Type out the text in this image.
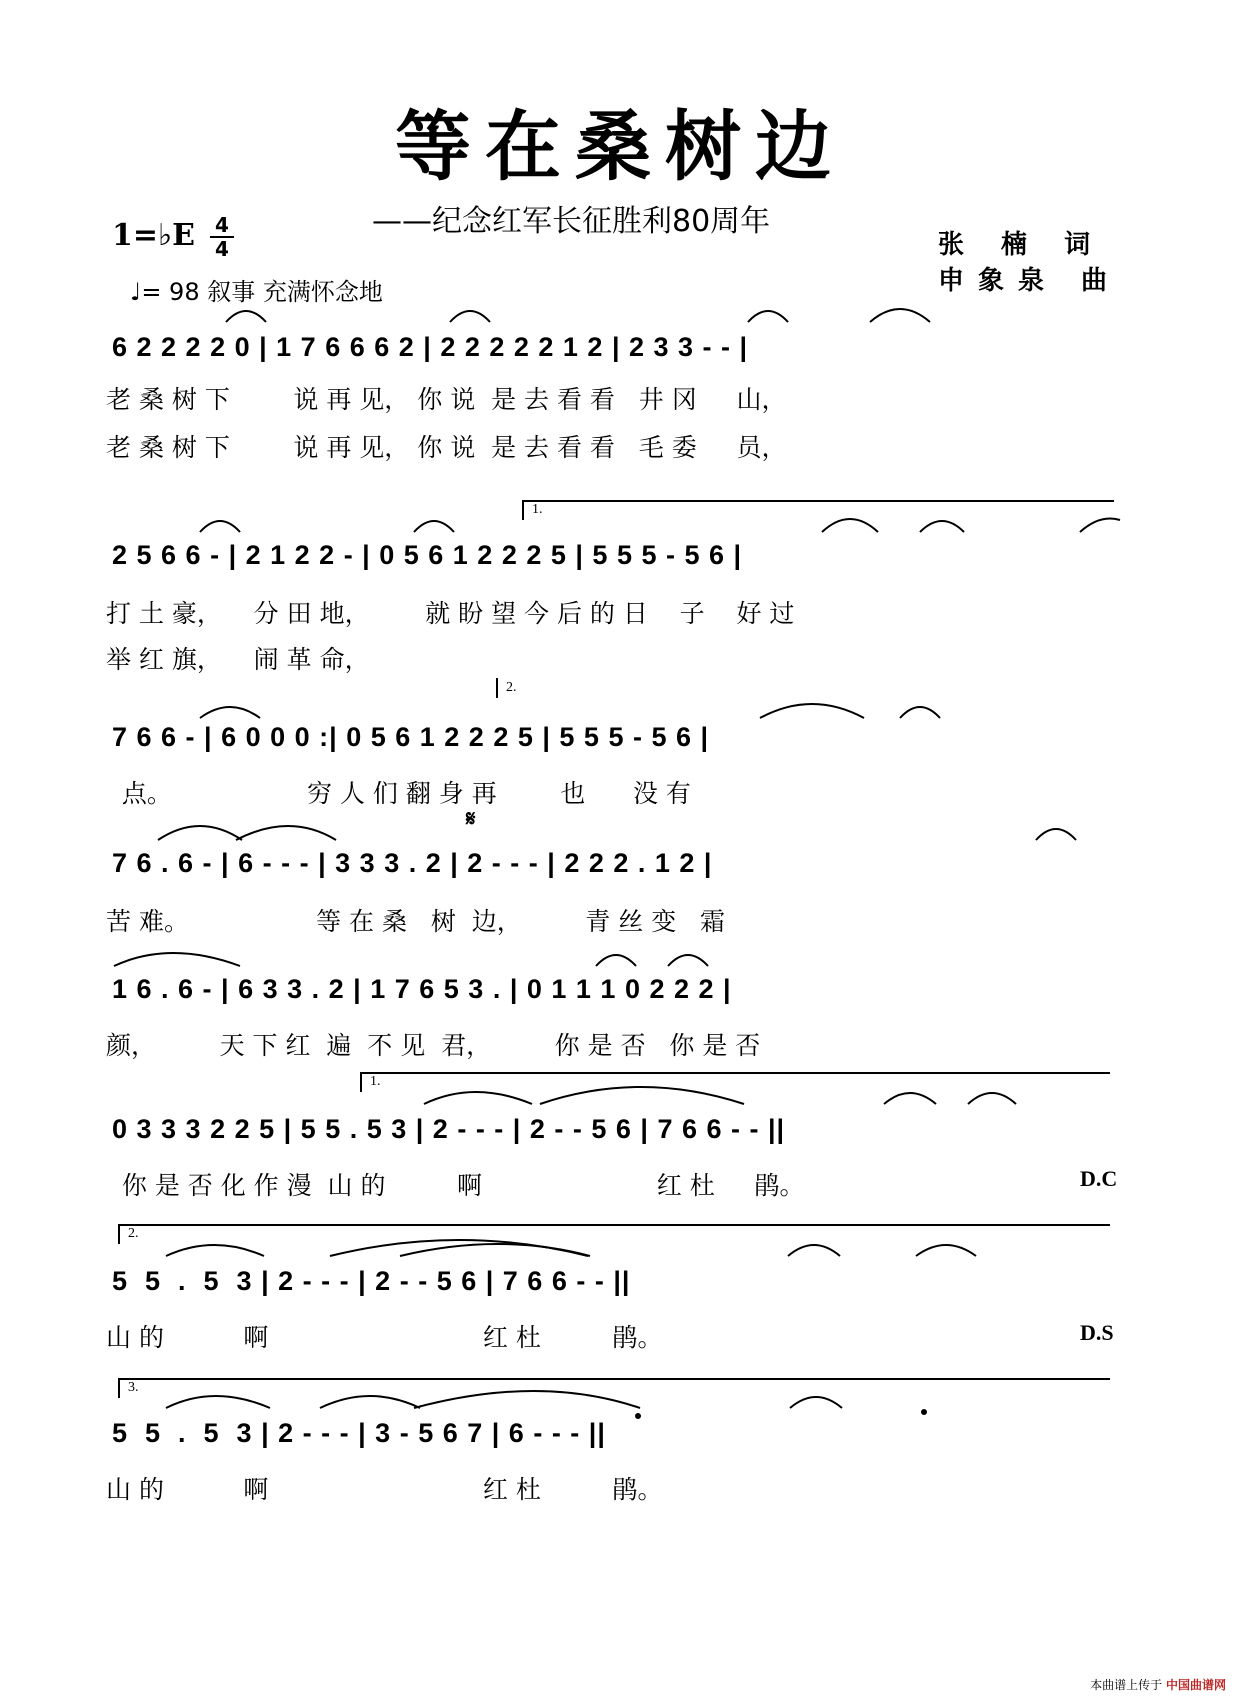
等在桑树边
——纪念红军长征胜利80周年
1=♭E 4
4
♩= 98 叙事 充满怀念地
张 楠 词
申象泉 曲
6 2 2 2 2 0 | 1 7 6 6 6 2 | 2 2 2 2 2 1 2 | 2 3 3 - - |
老 桑 树 下        说 再 见， 你 说  是 去 看 看   井 冈     山，
老 桑 树 下        说 再 见， 你 说  是 去 看 看   毛 委     员，
1.
2 5 6 6 - | 2 1 2 2 - | 0 5 6 1 2 2 2 5 | 5 5 5 - 5 6 |
打 土 豪，    分 田 地，       就 盼 望 今 后 的 日    子    好 过
举 红 旗，    闹 革 命，
2.
7 6 6 - | 6 0 0 0 :| 0 5 6 1 2 2 2 5 | 5 5 5 - 5 6 |
点。                 穷 人 们 翻 身 再        也      没 有
𝄋
7 6 . 6 - | 6 - - - | 3 3 3 . 2 | 2 - - - | 2 2 2 . 1 2 |
苦 难。                等 在 桑   树  边，        青 丝 变   霜
1 6 . 6 - | 6 3 3 . 2 | 1 7 6 5 3 . | 0 1 1 1 0 2 2 2 |
颜，        天 下 红  遍  不 见  君，        你 是 否   你 是 否
1.
0 3 3 3 2 2 5 | 5 5 . 5 3 | 2 - - - | 2 - - 5 6 | 7 6 6 - - ||
你 是 否 化 作 漫  山 的         啊                      红 杜     鹃。	D.C
2.
5  5  .  5  3 | 2 - - - | 2 - - 5 6 | 7 6 6 - - ||
山 的          啊                           红 杜         鹃。	D.S
3.
5  5  .  5  3 | 2 - - - | 3 - 5 6 7 | 6 - - - ||
山 的          啊                           红 杜         鹃。
本曲谱上传于 中国曲谱网
